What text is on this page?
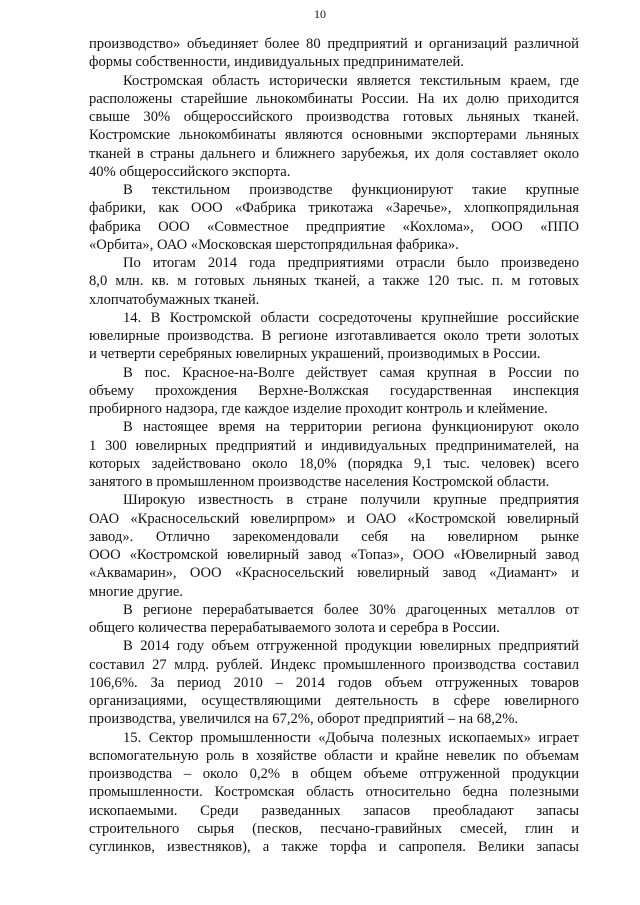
10
производство» объединяет более 80 предприятий и организаций различной
формы собственности, индивидуальных предпринимателей.
Костромская область исторически является текстильным краем, где
расположены старейшие льнокомбинаты России. На их долю приходится
свыше 30% общероссийского производства готовых льняных тканей.
Костромские льнокомбинаты являются основными экспортерами льняных
тканей в страны дальнего и ближнего зарубежья, их доля составляет около
40% общероссийского экспорта.
В текстильном производстве функционируют такие крупные
фабрики, как ООО «Фабрика трикотажа «Заречье», хлопкопрядильная
фабрика ООО «Совместное предприятие «Кохлома», ООО «ППО
«Орбита», ОАО «Московская шерстопрядильная фабрика».
По итогам 2014 года предприятиями отрасли было произведено
8,0 млн. кв. м готовых льняных тканей, а также 120 тыс. п. м готовых
хлопчатобумажных тканей.
14. В Костромской области сосредоточены крупнейшие российские
ювелирные производства. В регионе изготавливается около трети золотых
и четверти серебряных ювелирных украшений, производимых в России.
В пос. Красное-на-Волге действует самая крупная в России по
объему прохождения Верхне-Волжская государственная инспекция
пробирного надзора, где каждое изделие проходит контроль и клеймение.
В настоящее время на территории региона функционируют около
1 300 ювелирных предприятий и индивидуальных предпринимателей, на
которых задействовано около 18,0% (порядка 9,1 тыс. человек) всего
занятого в промышленном производстве населения Костромской области.
Широкую известность в стране получили крупные предприятия
ОАО «Красносельский ювелирпром» и ОАО «Костромской ювелирный
завод». Отлично зарекомендовали себя на ювелирном рынке
ООО «Костромской ювелирный завод «Топаз», ООО «Ювелирный завод
«Аквамарин», ООО «Красносельский ювелирный завод «Диамант» и
многие другие.
В регионе перерабатывается более 30% драгоценных металлов от
общего количества перерабатываемого золота и серебра в России.
В 2014 году объем отгруженной продукции ювелирных предприятий
составил 27 млрд. рублей. Индекс промышленного производства составил
106,6%. За период 2010 – 2014 годов объем отгруженных товаров
организациями, осуществляющими деятельность в сфере ювелирного
производства, увеличился на 67,2%, оборот предприятий – на 68,2%.
15. Сектор промышленности «Добыча полезных ископаемых» играет
вспомогательную роль в хозяйстве области и крайне невелик по объемам
производства – около 0,2% в общем объеме отгруженной продукции
промышленности. Костромская область относительно бедна полезными
ископаемыми. Среди разведанных запасов преобладают запасы
строительного сырья (песков, песчано-гравийных смесей, глин и
суглинков, известняков), а также торфа и сапропеля. Велики запасы
